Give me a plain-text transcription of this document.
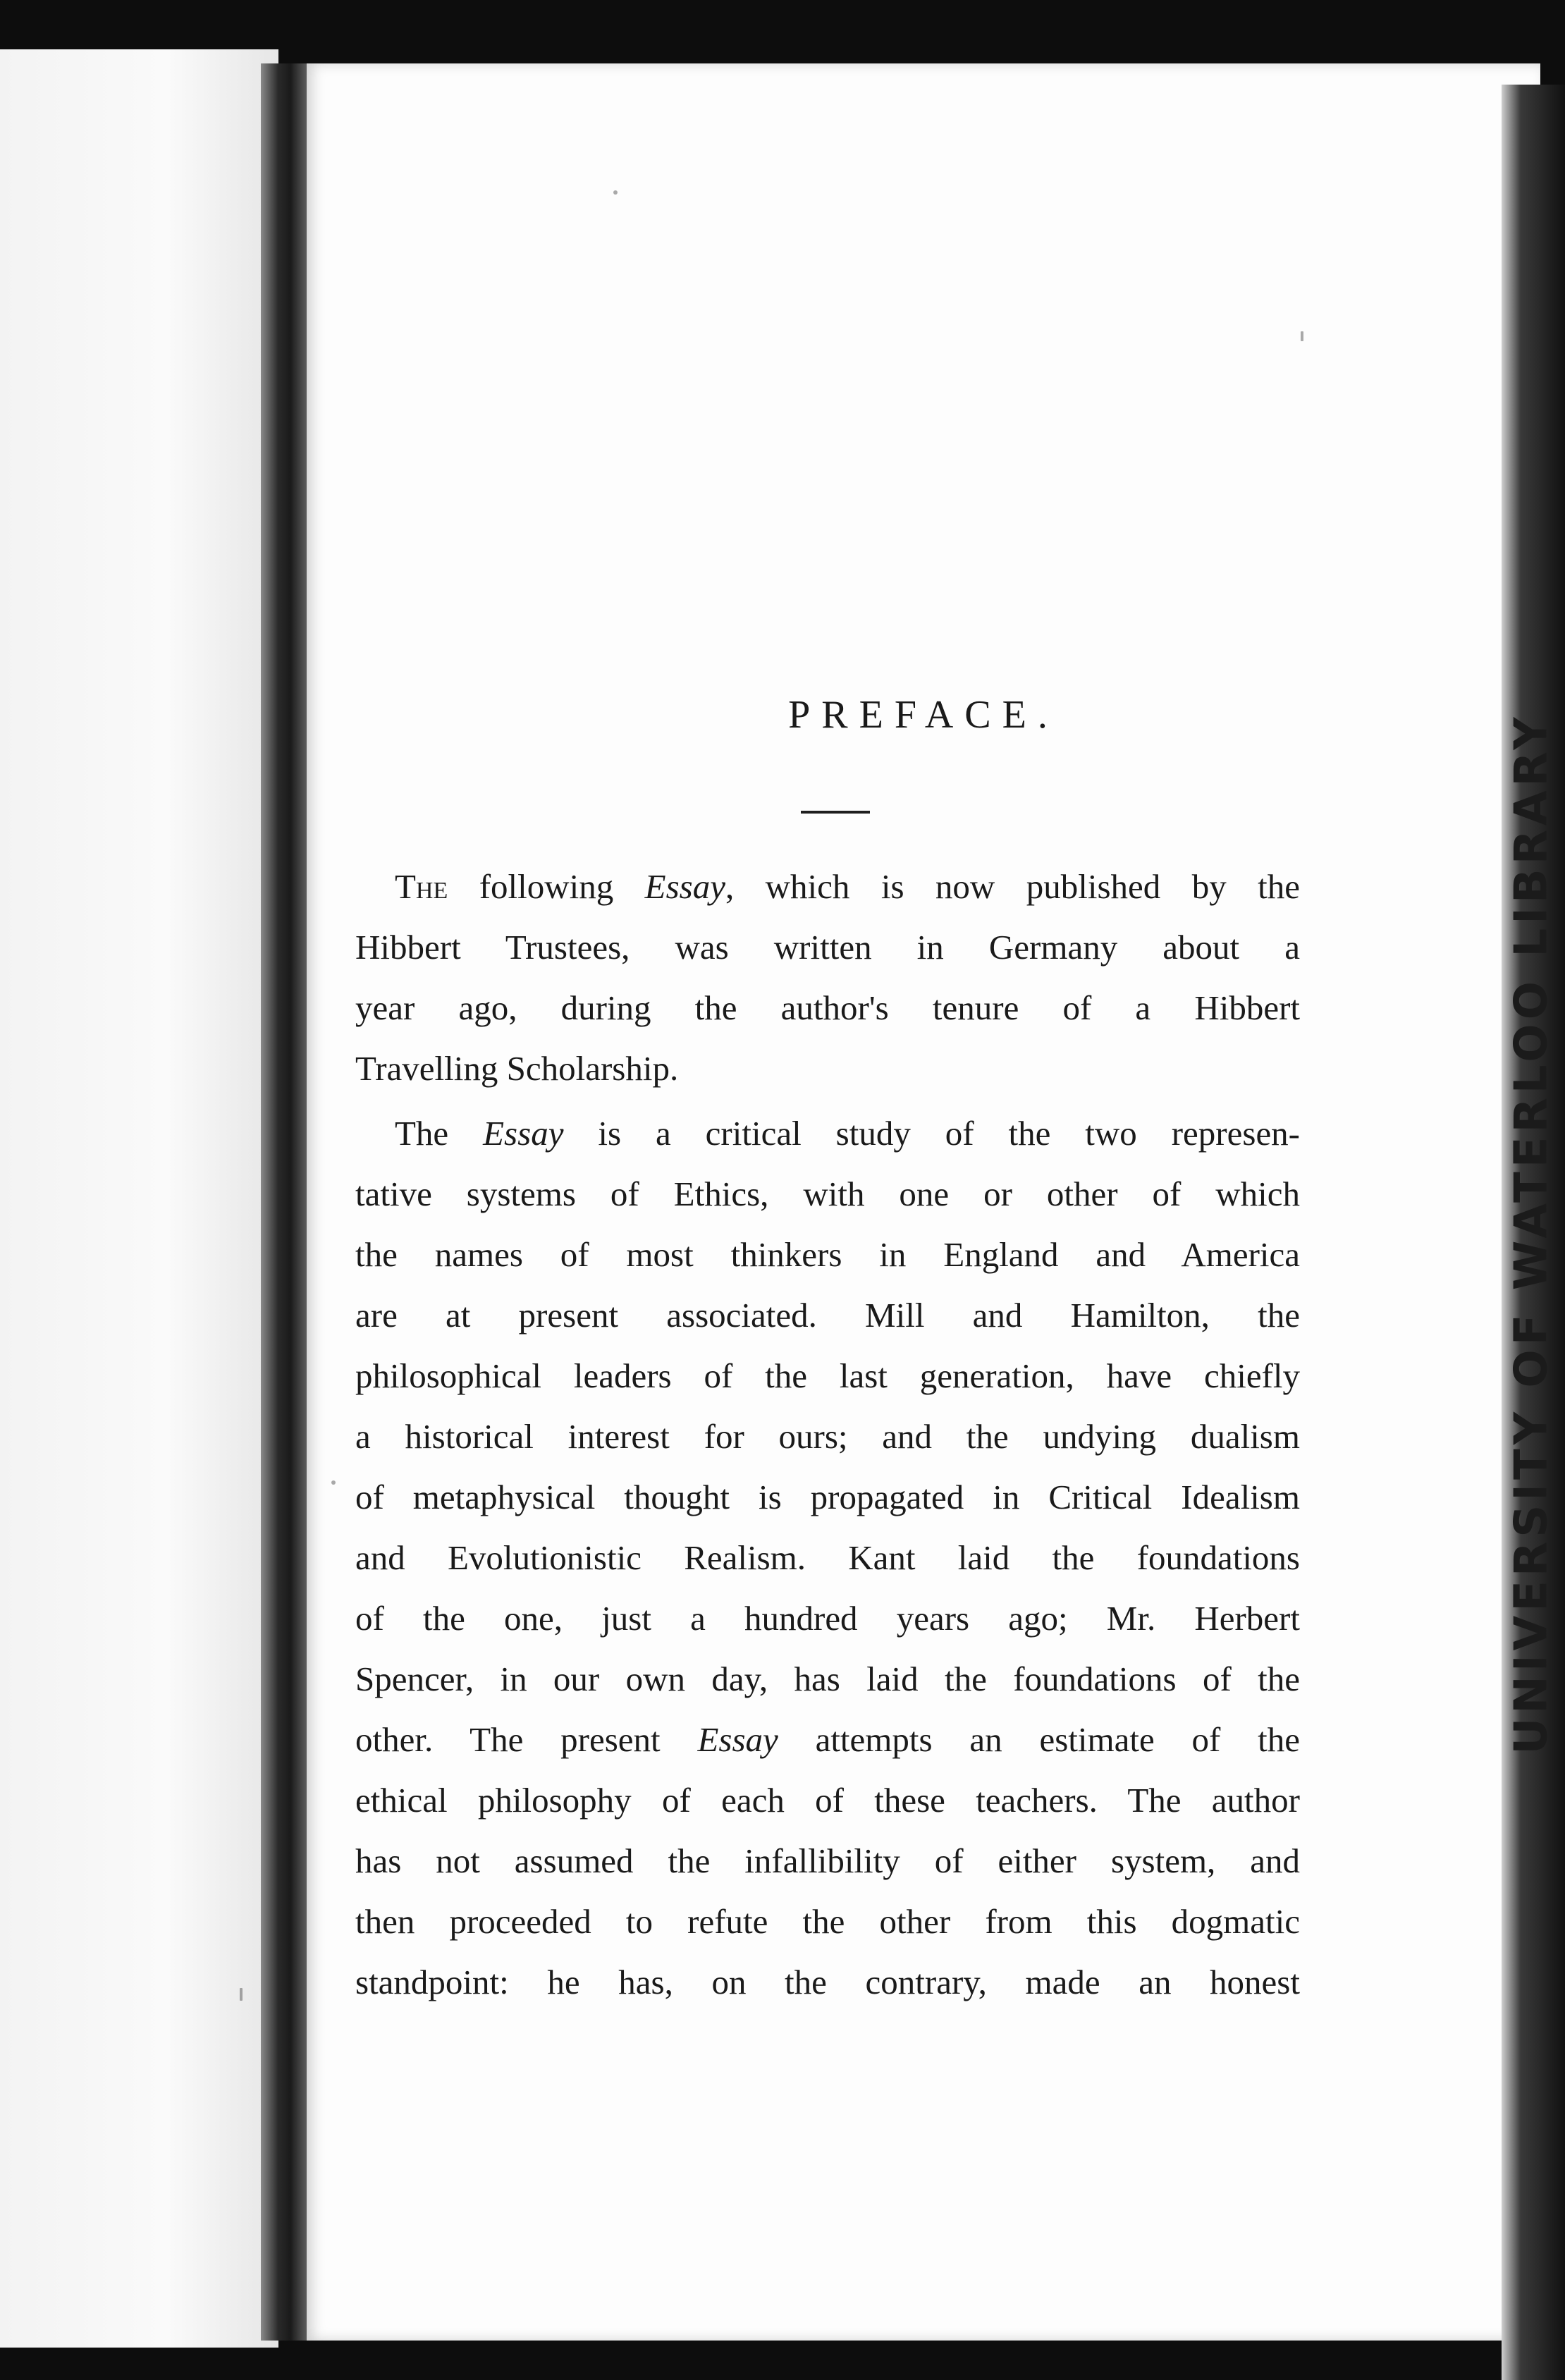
UNIVERSITY OF WATERLOO LIBRARY
PREFACE.

The following Essay, which is now published by the
Hibbert Trustees, was written in Germany about a
year ago, during the author's tenure of a Hibbert
Travelling Scholarship.

The Essay is a critical study of the two represen-
tative systems of Ethics, with one or other of which
the names of most thinkers in England and America
are at present associated. Mill and Hamilton, the
philosophical leaders of the last generation, have chiefly
a historical interest for ours; and the undying dualism
of metaphysical thought is propagated in Critical Idealism
and Evolutionistic Realism. Kant laid the foundations
of the one, just a hundred years ago; Mr. Herbert
Spencer, in our own day, has laid the foundations of the
other. The present Essay attempts an estimate of the
ethical philosophy of each of these teachers. The author
has not assumed the infallibility of either system, and
then proceeded to refute the other from this dogmatic
standpoint: he has, on the contrary, made an honest
